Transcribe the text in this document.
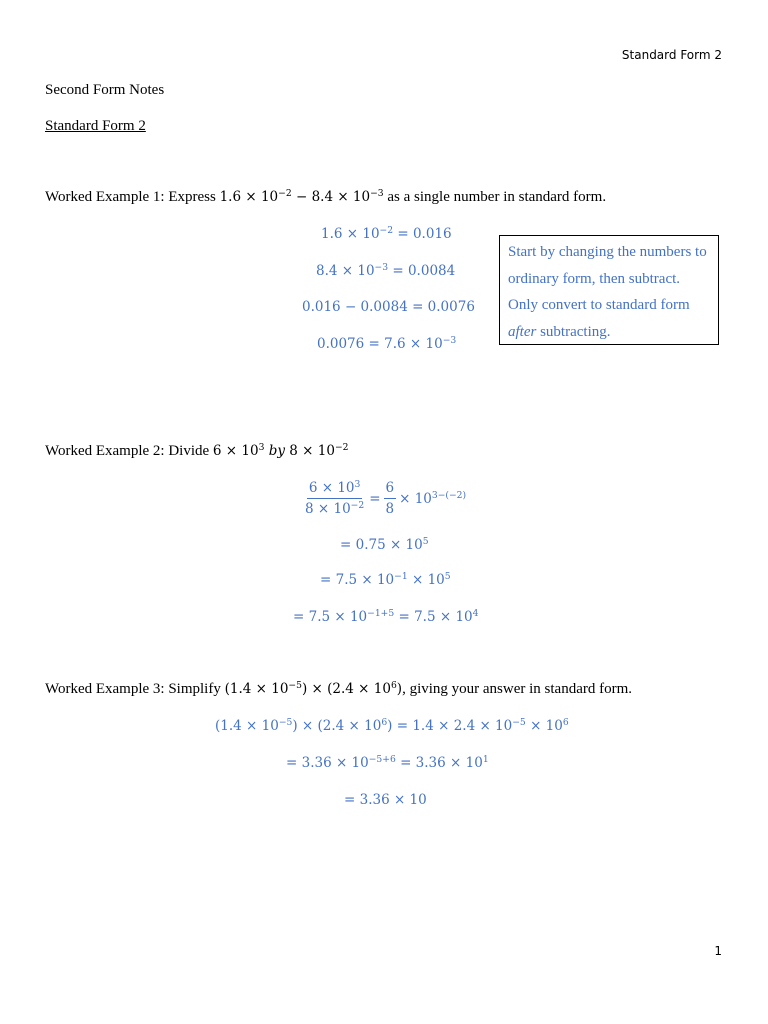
Standard Form 2
Second Form Notes
Standard Form 2
Worked Example 1: Express $1.6 \times 10^{-2} - 8.4 \times 10^{-3}$ as a single number in standard form.
$1.6 \times 10^{-2} = 0.016$
$8.4 \times 10^{-3} = 0.0084$
0.016 − 0.0084 = 0.0076
$0.0076 = 7.6 \times 10^{-3}$
Start by changing the numbers to ordinary form, then subtract. Only convert to standard form after subtracting.
Worked Example 2: Divide $6 \times 10^3$ by $8 \times 10^{-2}$
$\frac{6 \times 10^3}{8 \times 10^{-2}} = \frac{6}{8} \times 10^{3-(-2)}$
= $0.75 \times 10^5$
= $7.5 \times 10^{-1} \times 10^5$
= $7.5 \times 10^{-1+5} = 7.5 \times 10^4$
Worked Example 3: Simplify $(1.4 \times 10^{-5}) \times (2.4 \times 10^6)$, giving your answer in standard form.
$(1.4 \times 10^{-5}) \times (2.4 \times 10^6) = 1.4 \times 2.4 \times 10^{-5} \times 10^6$
= $3.36 \times 10^{-5+6} = 3.36 \times 10^1$
= 3.36 × 10
1
